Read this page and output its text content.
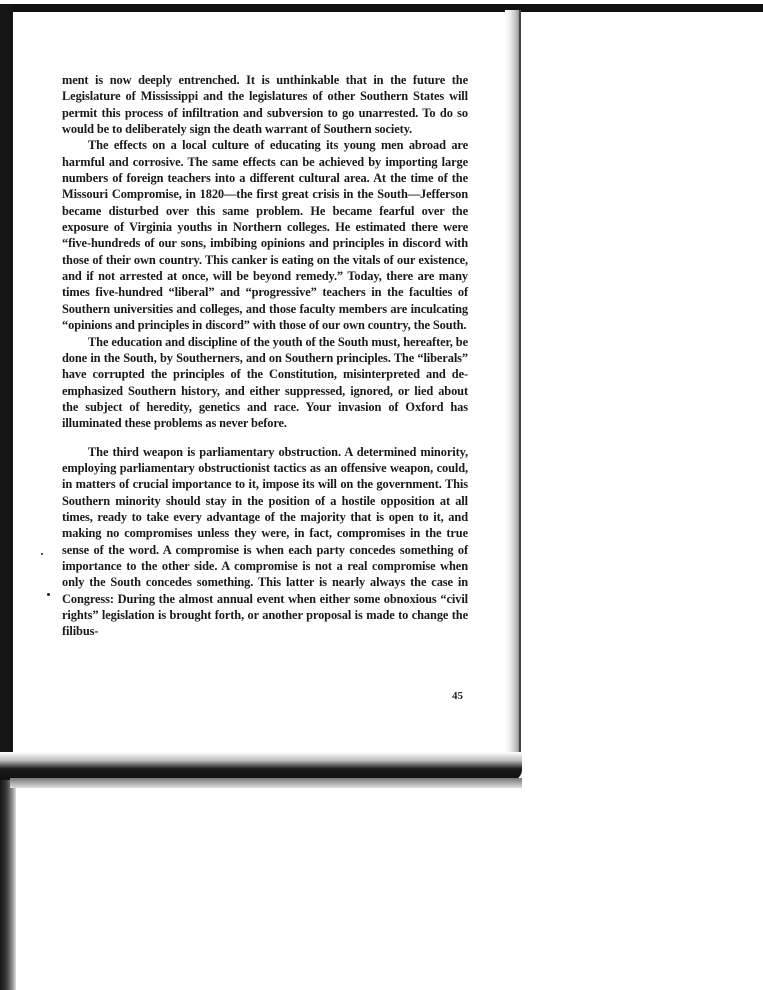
ment is now deeply entrenched. It is unthinkable that in the future the Legislature of Mississippi and the legislatures of other Southern States will permit this process of infiltration and subversion to go unarrested. To do so would be to deliberately sign the death warrant of Southern society.

The effects on a local culture of educating its young men abroad are harmful and corrosive. The same effects can be achieved by importing large numbers of foreign teachers into a different cultural area. At the time of the Missouri Compromise, in 1820—the first great crisis in the South—Jefferson became disturbed over this same problem. He became fearful over the exposure of Virginia youths in Northern colleges. He estimated there were “five-hundreds of our sons, imbibing opinions and principles in discord with those of their own country. This canker is eating on the vitals of our existence, and if not arrested at once, will be beyond remedy.” Today, there are many times five-hundred “liberal” and “progressive” teachers in the faculties of Southern universities and colleges, and those faculty members are inculcating “opinions and principles in discord” with those of our own country, the South.

The education and discipline of the youth of the South must, hereafter, be done in the South, by Southerners, and on Southern principles. The “liberals” have corrupted the principles of the Constitution, misinterpreted and de-emphasized Southern history, and either suppressed, ignored, or lied about the subject of heredity, genetics and race. Your invasion of Oxford has illuminated these problems as never before.

The third weapon is parliamentary obstruction. A determined minority, employing parliamentary obstructionist tactics as an offensive weapon, could, in matters of crucial importance to it, impose its will on the government. This Southern minority should stay in the position of a hostile opposition at all times, ready to take every advantage of the majority that is open to it, and making no compromises unless they were, in fact, compromises in the true sense of the word. A compromise is when each party concedes something of importance to the other side. A compromise is not a real compromise when only the South concedes something. This latter is nearly always the case in Congress: During the almost annual event when either some obnoxious “civil rights” legislation is brought forth, or another proposal is made to change the filibus-

45
